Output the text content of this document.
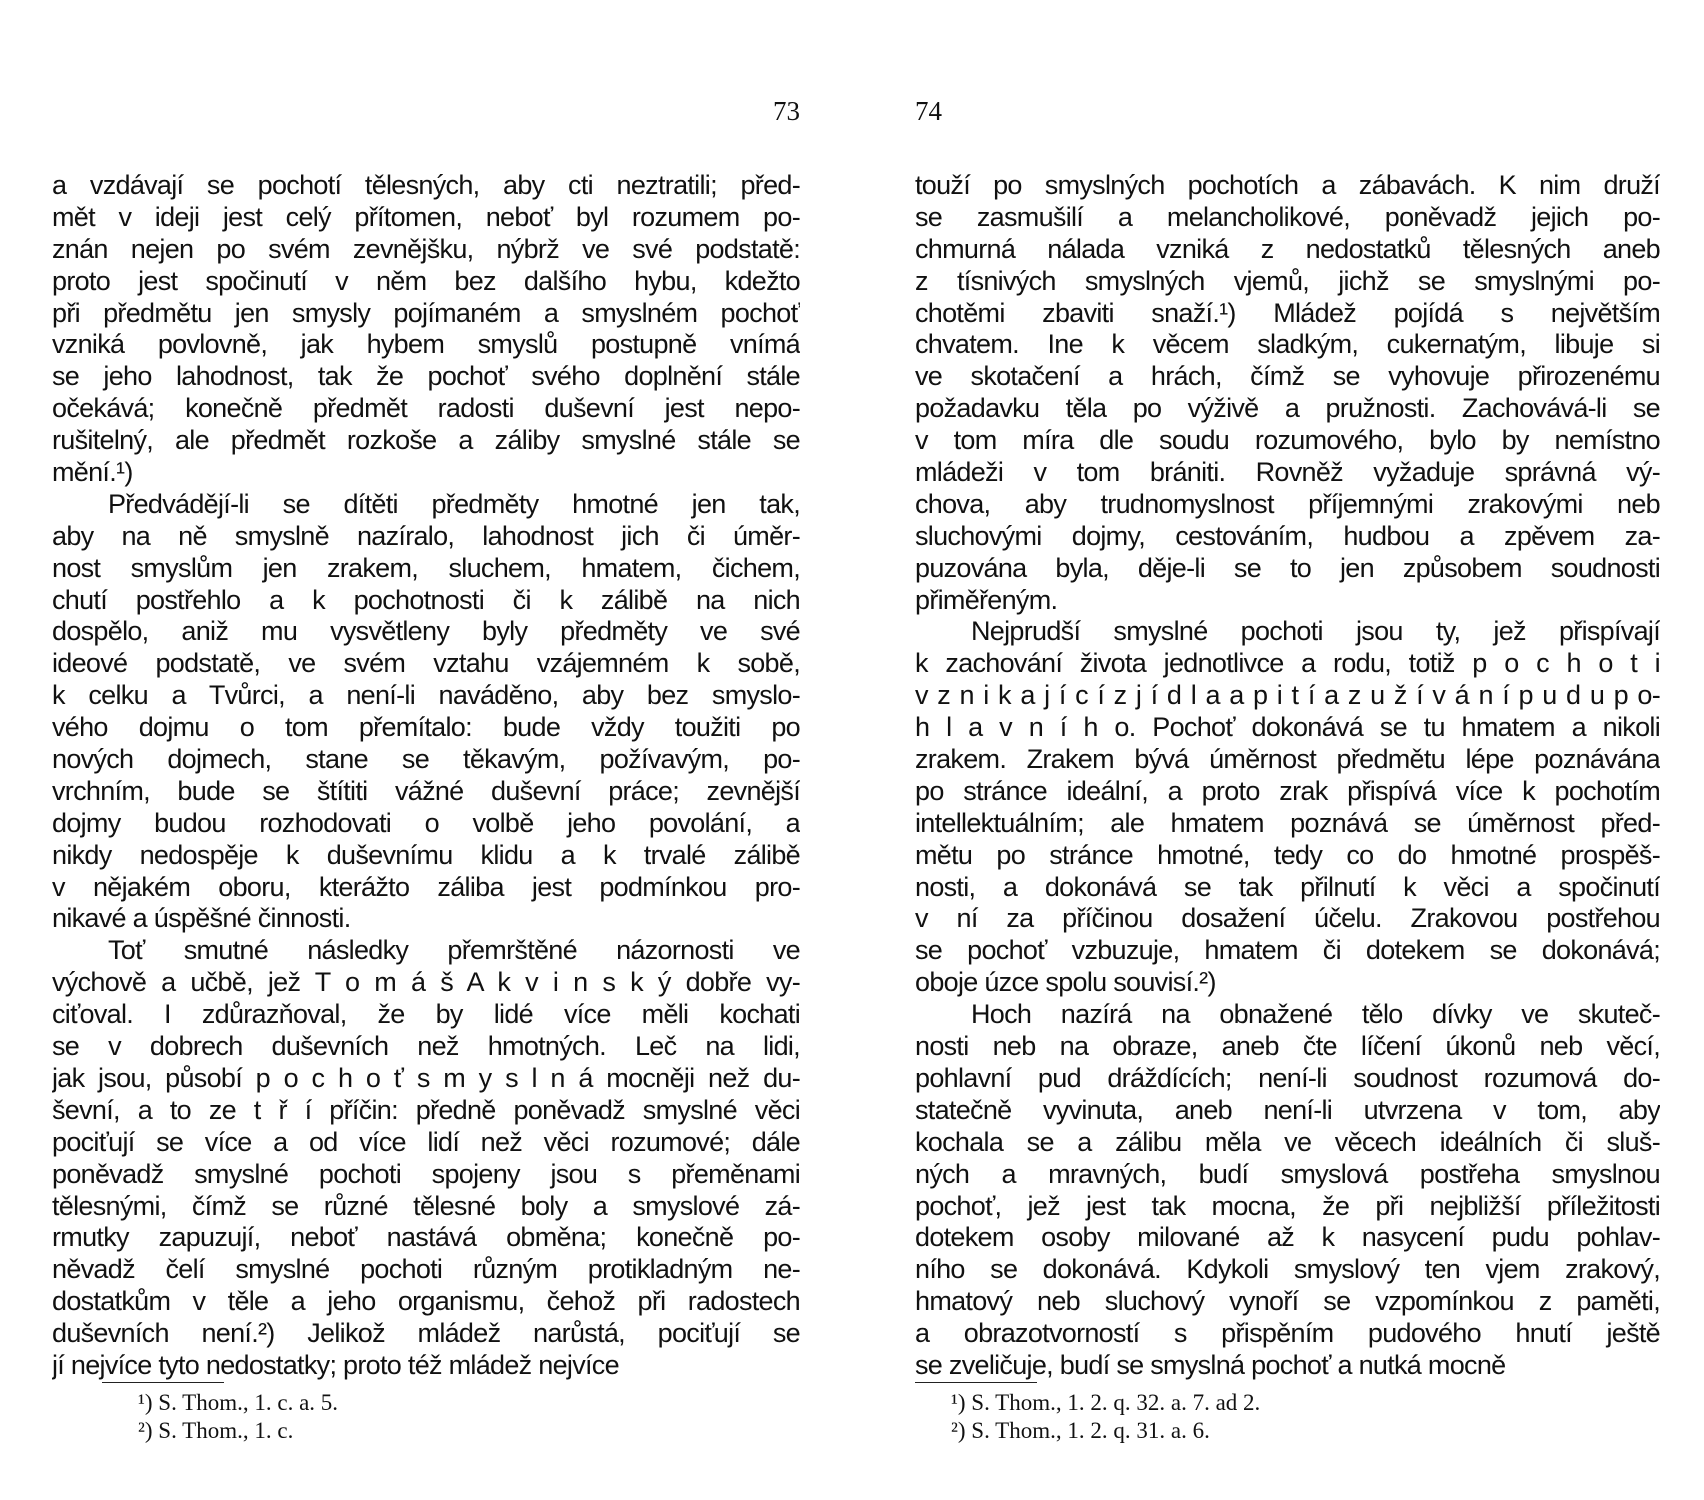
73
a vzdávají se pochotí tělesných, aby cti neztratili; před-
mět v ideji jest celý přítomen, neboť byl rozumem po-
znán nejen po svém zevnějšku, nýbrž ve své podstatě:
proto jest spočinutí v něm bez dalšího hybu, kdežto
při předmětu jen smysly pojímaném a smyslném pochoť
vzniká povlovně, jak hybem smyslů postupně vnímá
se jeho lahodnost, tak že pochoť svého doplnění stále
očekává; konečně předmět radosti duševní jest nepo-
rušitelný, ale předmět rozkoše a záliby smyslné stále se
mění.¹)
Předvádějí-li se dítěti předměty hmotné jen tak,
aby na ně smyslně nazíralo, lahodnost jich či úměr-
nost smyslům jen zrakem, sluchem, hmatem, čichem,
chutí postřehlo a k pochotnosti či k zálibě na nich
dospělo, aniž mu vysvětleny byly předměty ve své
ideové podstatě, ve svém vztahu vzájemném k sobě,
k celku a Tvůrci, a není-li naváděno, aby bez smyslo-
vého dojmu o tom přemítalo: bude vždy toužiti po
nových dojmech, stane se těkavým, požívavým, po-
vrchním, bude se štítiti vážné duševní práce; zevnější
dojmy budou rozhodovati o volbě jeho povolání, a
nikdy nedospěje k duševnímu klidu a k trvalé zálibě
v nějakém oboru, kterážto záliba jest podmínkou pro-
nikavé a úspěšné činnosti.
Toť smutné následky přemrštěné názornosti ve
výchově a učbě, jež T o m á š A k v i n s k ý dobře vy-
ciťoval. I zdůrazňoval, že by lidé více měli kochati
se v dobrech duševních než hmotných. Leč na lidi,
jak jsou, působí p o c h o ť s m y s l n á mocněji než du-
ševní, a to ze t ř í příčin: předně poněvadž smyslné věci
pociťují se více a od více lidí než věci rozumové; dále
poněvadž smyslné pochoti spojeny jsou s přeměnami
tělesnými, čímž se různé tělesné boly a smyslové zá-
rmutky zapuzují, neboť nastává obměna; konečně po-
něvadž čelí smyslné pochoti různým protikladným ne-
dostatkům v těle a jeho organismu, čehož při radostech
duševních není.²) Jelikož mládež narůstá, pociťují se
jí nejvíce tyto nedostatky; proto též mládež nejvíce
¹) S. Thom., 1. c. a. 5.
²) S. Thom., 1. c.
74
touží po smyslných pochotích a zábavách. K nim druží
se zasmušilí a melancholikové, poněvadž jejich po-
chmurná nálada vzniká z nedostatků tělesných aneb
z tísnivých smyslných vjemů, jichž se smyslnými po-
chotěmi zbaviti snaží.¹) Mládež pojídá s největším
chvatem. Ine k věcem sladkým, cukernatým, libuje si
ve skotačení a hrách, čímž se vyhovuje přirozenému
požadavku těla po výživě a pružnosti. Zachovává-li se
v tom míra dle soudu rozumového, bylo by nemístno
mládeži v tom brániti. Rovněž vyžaduje správná vý-
chova, aby trudnomyslnost příjemnými zrakovými neb
sluchovými dojmy, cestováním, hudbou a zpěvem za-
puzována byla, děje-li se to jen způsobem soudnosti
přiměřeným.
Nejprudší smyslné pochoti jsou ty, jež přispívají
k zachování života jednotlivce a rodu, totiž p o c h o t i
v z n i k a j í c í z j í d l a a p i t í a z u ž í v á n í p u d u p o-
h l a v n í h o. Pochoť dokonává se tu hmatem a nikoli
zrakem. Zrakem bývá úměrnost předmětu lépe poznávána
po stránce ideální, a proto zrak přispívá více k pochotím
intellektuálním; ale hmatem poznává se úměrnost před-
mětu po stránce hmotné, tedy co do hmotné prospěš-
nosti, a dokonává se tak přilnutí k věci a spočinutí
v ní za příčinou dosažení účelu. Zrakovou postřehou
se pochoť vzbuzuje, hmatem či dotekem se dokonává;
oboje úzce spolu souvisí.²)
Hoch nazírá na obnažené tělo dívky ve skuteč-
nosti neb na obraze, aneb čte líčení úkonů neb věcí,
pohlavní pud dráždících; není-li soudnost rozumová do-
statečně vyvinuta, aneb není-li utvrzena v tom, aby
kochala se a zálibu měla ve věcech ideálních či sluš-
ných a mravných, budí smyslová postřeha smyslnou
pochoť, jež jest tak mocna, že při nejbližší příležitosti
dotekem osoby milované až k nasycení pudu pohlav-
ního se dokonává. Kdykoli smyslový ten vjem zrakový,
hmatový neb sluchový vynoří se vzpomínkou z paměti,
a obrazotvorností s přispěním pudového hnutí ještě
se zveličuje, budí se smyslná pochoť a nutká mocně
¹) S. Thom., 1. 2. q. 32. a. 7. ad 2.
²) S. Thom., 1. 2. q. 31. a. 6.
